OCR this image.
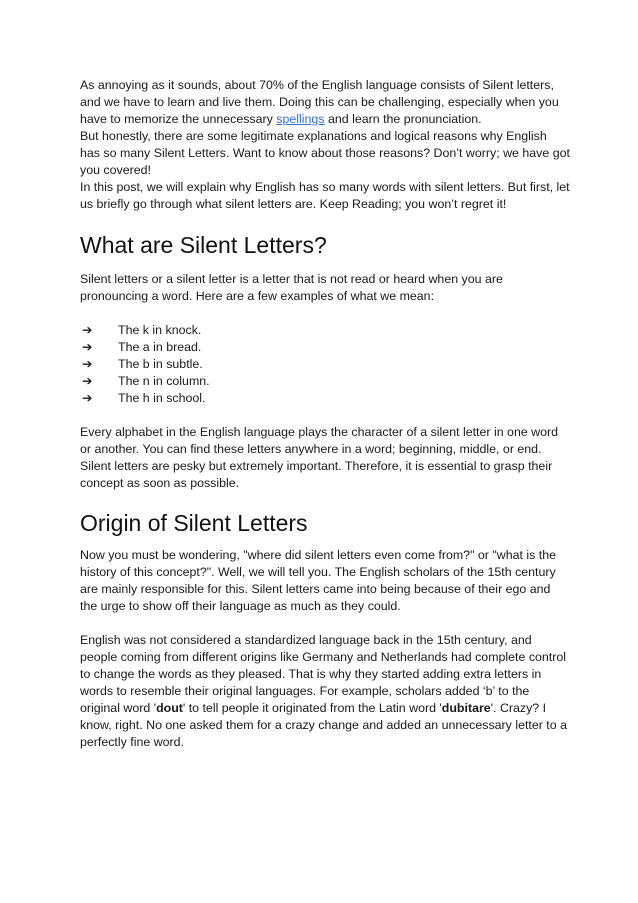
As annoying as it sounds, about 70% of the English language consists of Silent letters, and we have to learn and live them. Doing this can be challenging, especially when you have to memorize the unnecessary spellings and learn the pronunciation.

But honestly, there are some legitimate explanations and logical reasons why English has so many Silent Letters. Want to know about those reasons? Don’t worry; we have got you covered!

In this post, we will explain why English has so many words with silent letters. But first, let us briefly go through what silent letters are. Keep Reading; you won’t regret it!

What are Silent Letters?

Silent letters or a silent letter is a letter that is not read or heard when you are pronouncing a word. Here are a few examples of what we mean:

➔	The k in knock.
➔	The a in bread.
➔	The b in subtle.
➔	The n in column.
➔	The h in school.

Every alphabet in the English language plays the character of a silent letter in one word or another. You can find these letters anywhere in a word; beginning, middle, or end. Silent letters are pesky but extremely important. Therefore, it is essential to grasp their concept as soon as possible.

Origin of Silent Letters

Now you must be wondering, "where did silent letters even come from?" or "what is the history of this concept?". Well, we will tell you. The English scholars of the 15th century are mainly responsible for this. Silent letters came into being because of their ego and the urge to show off their language as much as they could.

English was not considered a standardized language back in the 15th century, and people coming from different origins like Germany and Netherlands had complete control to change the words as they pleased. That is why they started adding extra letters in words to resemble their original languages. For example, scholars added ‘b’ to the original word 'dout' to tell people it originated from the Latin word 'dubitare'. Crazy? I know, right. No one asked them for a crazy change and added an unnecessary letter to a perfectly fine word.
